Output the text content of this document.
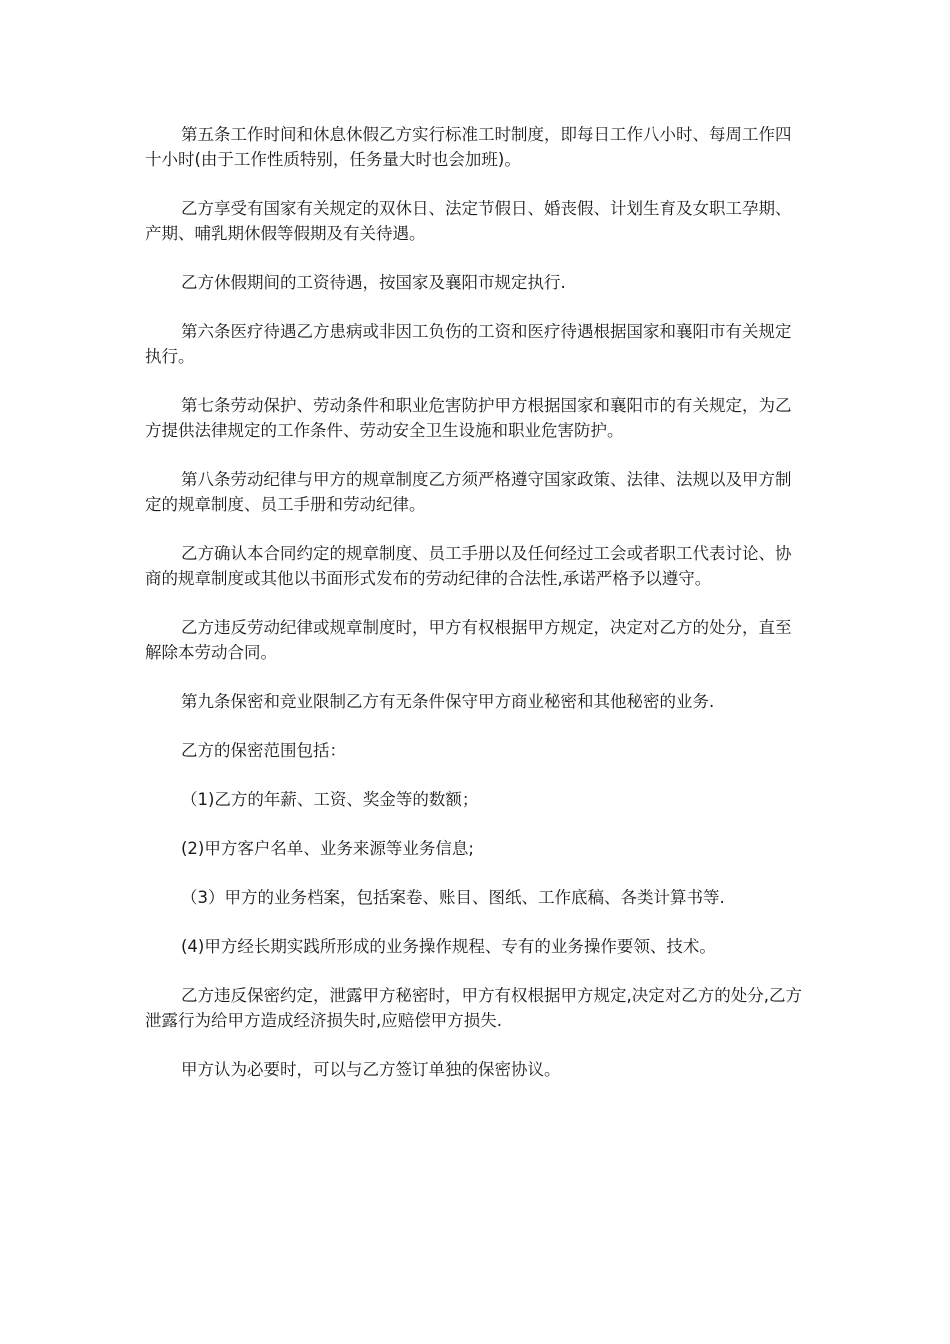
第五条工作时间和休息休假乙方实行标准工时制度，即每日工作八小时、每周工作四十小时(由于工作性质特别，任务量大时也会加班)。

乙方享受有国家有关规定的双休日、法定节假日、婚丧假、计划生育及女职工孕期、产期、哺乳期休假等假期及有关待遇。

乙方休假期间的工资待遇，按国家及襄阳市规定执行.

第六条医疗待遇乙方患病或非因工负伤的工资和医疗待遇根据国家和襄阳市有关规定执行。

第七条劳动保护、劳动条件和职业危害防护甲方根据国家和襄阳市的有关规定，为乙方提供法律规定的工作条件、劳动安全卫生设施和职业危害防护。

第八条劳动纪律与甲方的规章制度乙方须严格遵守国家政策、法律、法规以及甲方制定的规章制度、员工手册和劳动纪律。

乙方确认本合同约定的规章制度、员工手册以及任何经过工会或者职工代表讨论、协商的规章制度或其他以书面形式发布的劳动纪律的合法性,承诺严格予以遵守。

乙方违反劳动纪律或规章制度时，甲方有权根据甲方规定，决定对乙方的处分，直至解除本劳动合同。

第九条保密和竞业限制乙方有无条件保守甲方商业秘密和其他秘密的业务.

乙方的保密范围包括：

（1)乙方的年薪、工资、奖金等的数额；

(2)甲方客户名单、业务来源等业务信息;

（3）甲方的业务档案，包括案卷、账目、图纸、工作底稿、各类计算书等.

(4)甲方经长期实践所形成的业务操作规程、专有的业务操作要领、技术。

乙方违反保密约定，泄露甲方秘密时，甲方有权根据甲方规定,决定对乙方的处分,乙方泄露行为给甲方造成经济损失时,应赔偿甲方损失.

甲方认为必要时，可以与乙方签订单独的保密协议。
